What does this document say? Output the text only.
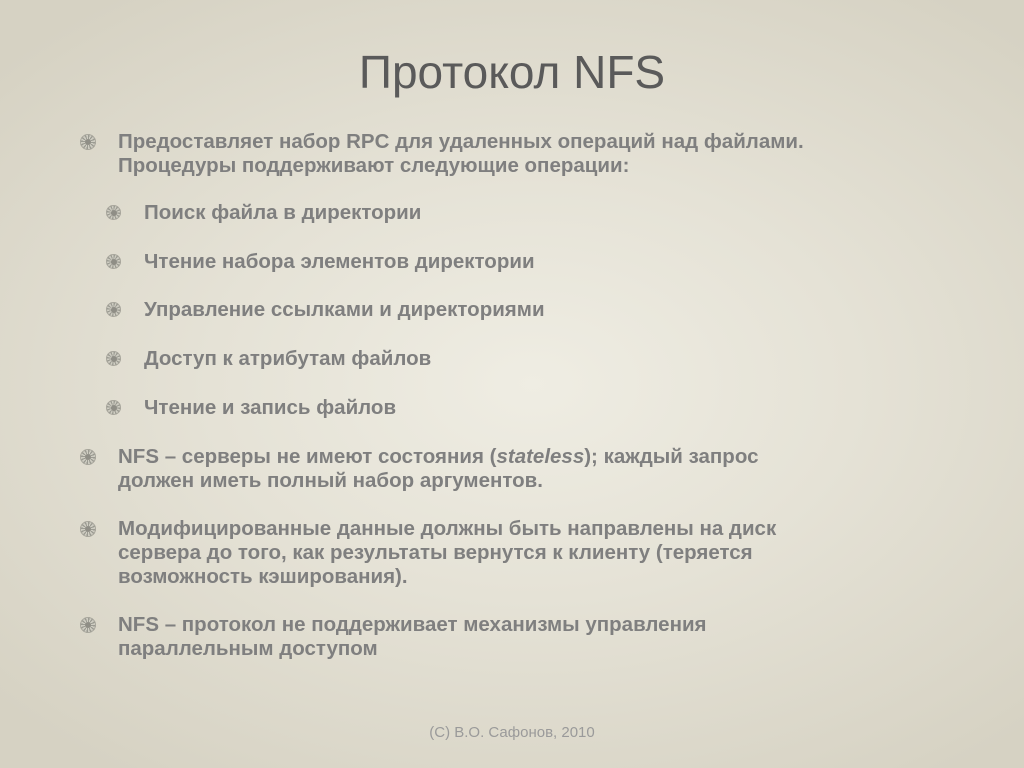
Протокол NFS
Предоставляет набор RPC для удаленных операций над файлами.
Процедуры поддерживают следующие операции:
Поиск файла в директории
Чтение набора элементов директории
Управление ссылками и директориями
Доступ к атрибутам файлов
Чтение и запись файлов
NFS – серверы не имеют состояния (stateless); каждый запрос
должен иметь полный набор аргументов.
Модифицированные данные должны быть направлены на диск
сервера до того, как результаты вернутся к клиенту (теряется
возможность кэширования).
NFS – протокол не поддерживает механизмы управления
параллельным доступом
(С) В.О. Сафонов, 2010
